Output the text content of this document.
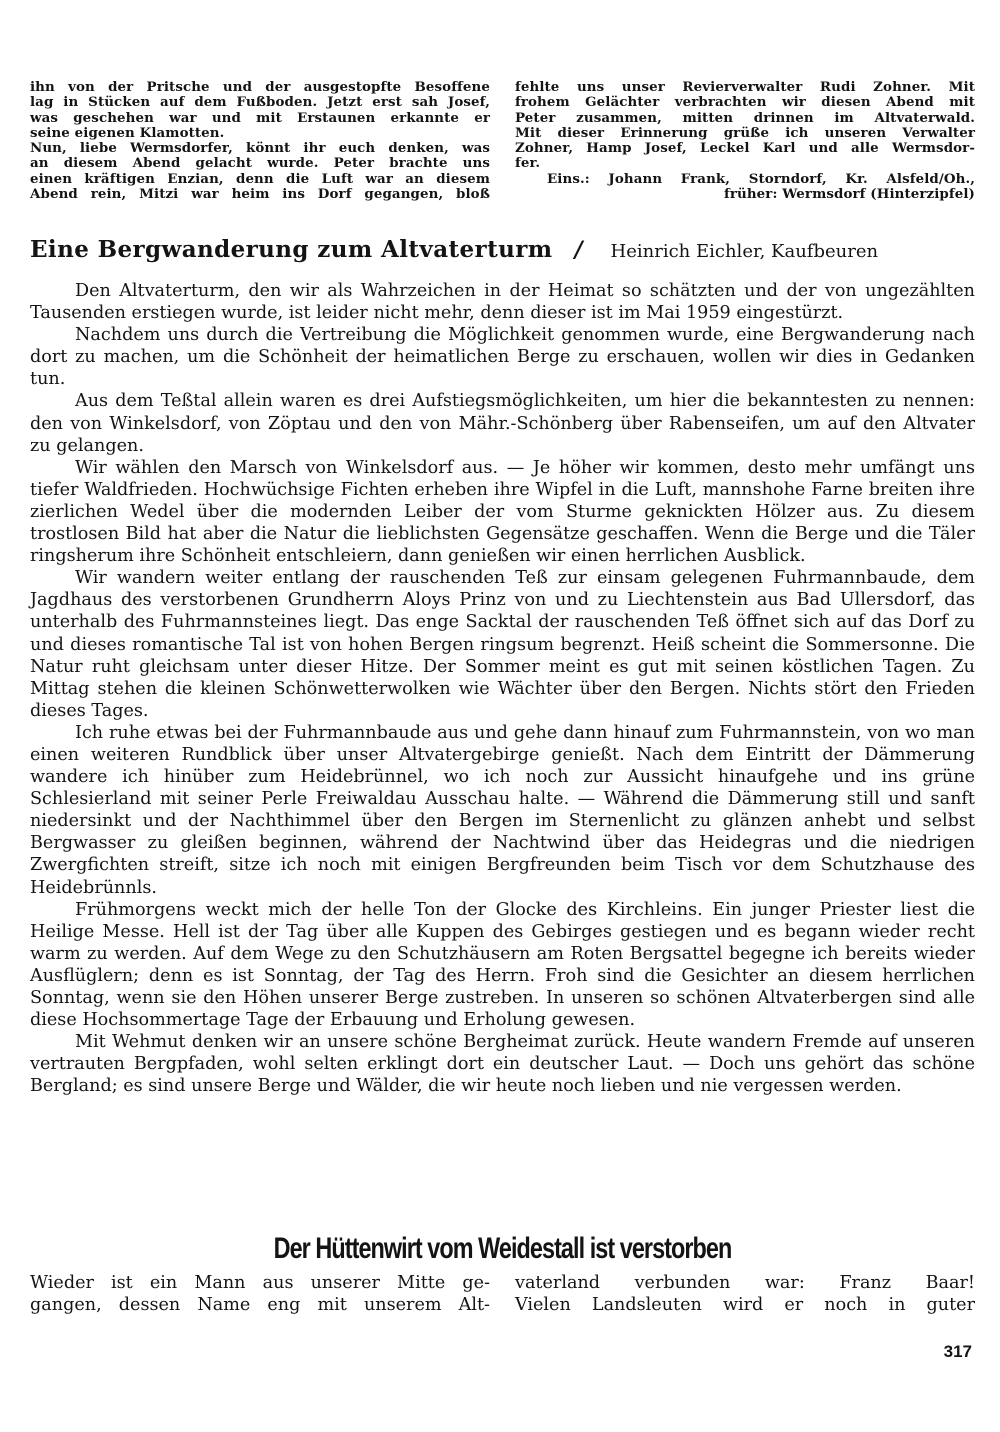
ihn von der Pritsche und der ausgestopfte Besoffene

lag in Stücken auf dem Fußboden. Jetzt erst sah Josef,

was geschehen war und mit Erstaunen erkannte er

seine eigenen Klamotten.

Nun, liebe Wermsdorfer, könnt ihr euch denken, was

an diesem Abend gelacht wurde. Peter brachte uns

einen kräftigen Enzian, denn die Luft war an diesem

Abend rein, Mitzi war heim ins Dorf gegangen, bloß

fehlte uns unser Revierverwalter Rudi Zohner. Mit

frohem Gelächter verbrachten wir diesen Abend mit

Peter zusammen, mitten drinnen im Altvaterwald.

Mit dieser Erinnerung grüße ich unseren Verwalter

Zohner, Hamp Josef, Leckel Karl und alle Wermsdor-

fer.

Eins.: Johann Frank, Storndorf, Kr. Alsfeld/Oh.,

früher: Wermsdorf (Hinterzipfel)

Eine Bergwanderung zum Altvaterturm / Heinrich Eichler, Kaufbeuren

Den Altvaterturm, den wir als Wahrzeichen in der Heimat so schätzten und der von ungezählten Tausenden erstiegen wurde, ist leider nicht mehr, denn dieser ist im Mai 1959 eingestürzt.

Nachdem uns durch die Vertreibung die Möglichkeit genommen wurde, eine Bergwanderung nach dort zu machen, um die Schönheit der heimatlichen Berge zu erschauen, wollen wir dies in Gedanken tun.

Aus dem Teßtal allein waren es drei Aufstiegsmöglichkeiten, um hier die bekanntesten zu nennen: den von Winkelsdorf, von Zöptau und den von Mähr.-Schönberg über Rabenseifen, um auf den Altvater zu gelangen.

Wir wählen den Marsch von Winkelsdorf aus. — Je höher wir kommen, desto mehr umfängt uns tiefer Waldfrieden. Hochwüchsige Fichten erheben ihre Wipfel in die Luft, mannshohe Farne breiten ihre zierlichen Wedel über die modernden Leiber der vom Sturme geknickten Hölzer aus. Zu diesem trostlosen Bild hat aber die Natur die lieblichsten Gegensätze geschaffen. Wenn die Berge und die Täler ringsherum ihre Schönheit entschleiern, dann genießen wir einen herrlichen Ausblick.

Wir wandern weiter entlang der rauschenden Teß zur einsam gelegenen Fuhrmannbaude, dem Jagdhaus des verstorbenen Grundherrn Aloys Prinz von und zu Liechtenstein aus Bad Ullersdorf, das unterhalb des Fuhrmannsteines liegt. Das enge Sacktal der rauschenden Teß öffnet sich auf das Dorf zu und dieses romantische Tal ist von hohen Bergen ringsum begrenzt. Heiß scheint die Sommersonne. Die Natur ruht gleichsam unter dieser Hitze. Der Sommer meint es gut mit seinen köstlichen Tagen. Zu Mittag stehen die kleinen Schönwetterwolken wie Wächter über den Bergen. Nichts stört den Frieden dieses Tages.

Ich ruhe etwas bei der Fuhrmannbaude aus und gehe dann hinauf zum Fuhrmannstein, von wo man einen weiteren Rundblick über unser Altvatergebirge genießt. Nach dem Eintritt der Dämmerung wandere ich hinüber zum Heidebrünnel, wo ich noch zur Aussicht hinaufgehe und ins grüne Schlesierland mit seiner Perle Freiwaldau Ausschau halte. — Während die Dämmerung still und sanft niedersinkt und der Nachthimmel über den Bergen im Sternenlicht zu glänzen anhebt und selbst Bergwasser zu gleißen beginnen, während der Nachtwind über das Heidegras und die niedrigen Zwergfichten streift, sitze ich noch mit einigen Bergfreunden beim Tisch vor dem Schutzhause des Heidebrünnls.

Frühmorgens weckt mich der helle Ton der Glocke des Kirchleins. Ein junger Priester liest die Heilige Messe. Hell ist der Tag über alle Kuppen des Gebirges gestiegen und es begann wieder recht warm zu werden. Auf dem Wege zu den Schutzhäusern am Roten Bergsattel begegne ich bereits wieder Ausflüglern; denn es ist Sonntag, der Tag des Herrn. Froh sind die Gesichter an diesem herrlichen Sonntag, wenn sie den Höhen unserer Berge zustreben. In unseren so schönen Altvaterbergen sind alle diese Hochsommertage Tage der Erbauung und Erholung gewesen.

Mit Wehmut denken wir an unsere schöne Bergheimat zurück. Heute wandern Fremde auf unseren vertrauten Bergpfaden, wohl selten erklingt dort ein deutscher Laut. — Doch uns gehört das schöne Bergland; es sind unsere Berge und Wälder, die wir heute noch lieben und nie vergessen werden.

Der Hüttenwirt vom Weidestall ist verstorben

Wieder ist ein Mann aus unserer Mitte ge-

gangen, dessen Name eng mit unserem Alt-

vaterland verbunden war: Franz Baar!

Vielen Landsleuten wird er noch in guter

317
